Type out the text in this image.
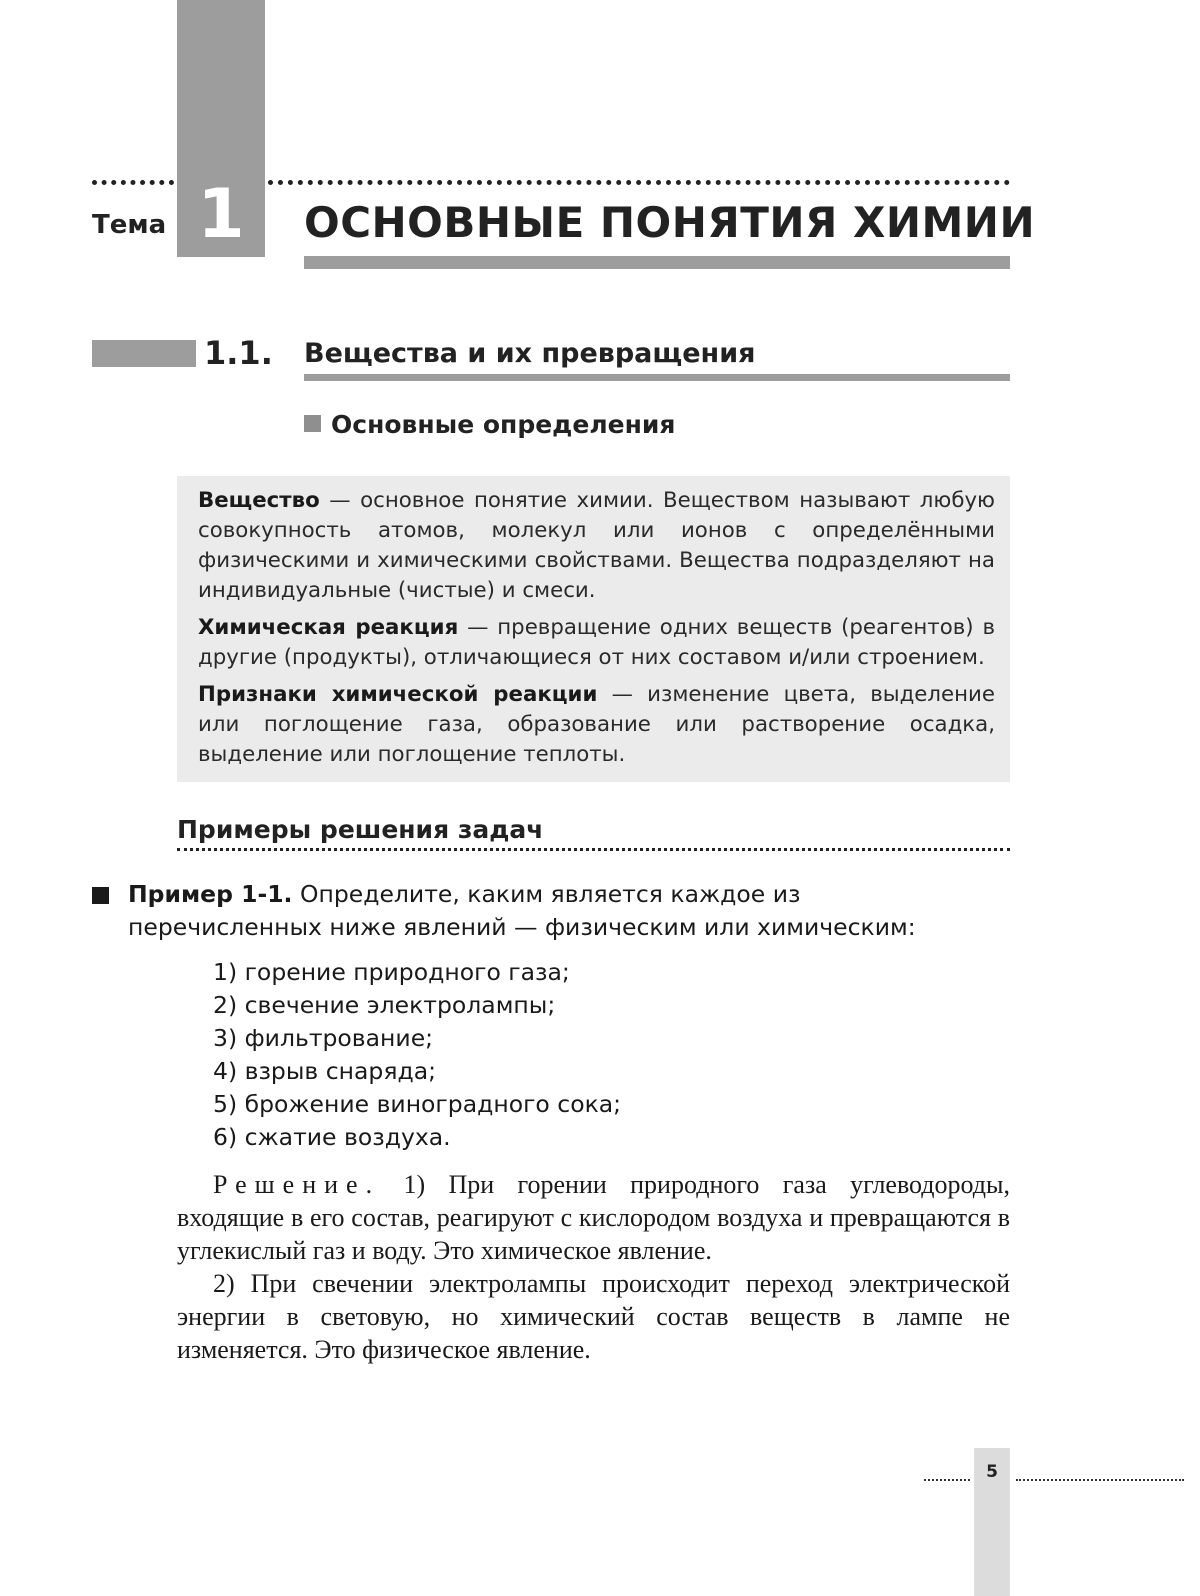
1
Тема	ОСНОВНЫЕ ПОНЯТИЯ ХИМИИ
1.1. Вещества и их превращения
Основные определения

Вещество — основное понятие химии. Веществом называют любую совокупность атомов, молекул или ионов с определёнными физическими и химическими свойствами. Вещества подразделяют на индивидуальные (чистые) и смеси.

Химическая реакция — превращение одних веществ (реагентов) в другие (продукты), отличающиеся от них составом и/или строением.

Признаки химической реакции — изменение цвета, выделение или поглощение газа, образование или растворение осадка, выделение или поглощение теплоты.

Примеры решения задач
Пример 1-1. Определите, каким является каждое из перечисленных ниже явлений — физическим или химическим:
1) горение природного газа;
2) свечение электролампы;
3) фильтрование;
4) взрыв снаряда;
5) брожение виноградного сока;
6) сжатие воздуха.

Решение. 1) При горении природного газа углеводороды, входящие в его состав, реагируют с кислородом воздуха и превращаются в углекислый газ и воду. Это химическое явление.

2) При свечении электролампы происходит переход электрической энергии в световую, но химический состав веществ в лампе не изменяется. Это физическое явление.

5
